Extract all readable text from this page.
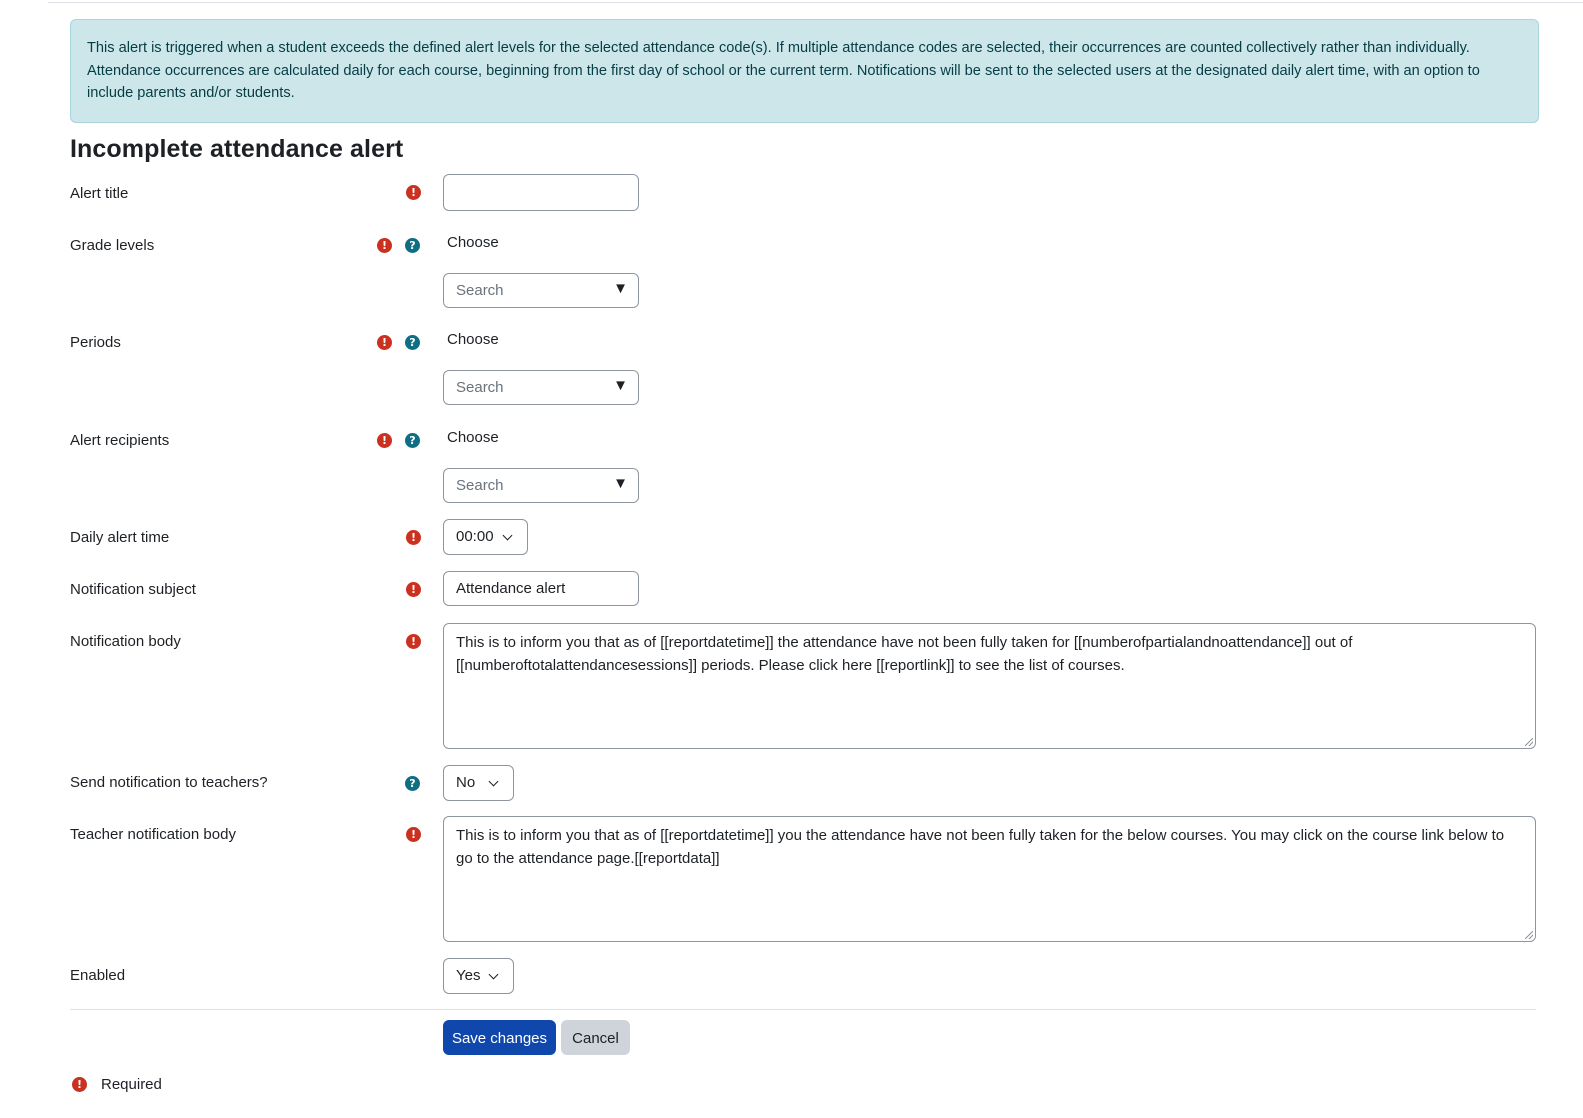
This alert is triggered when a student exceeds the defined alert levels for the selected attendance code(s). If multiple attendance codes are selected, their occurrences are counted collectively rather than individually. Attendance occurrences are calculated daily for each course, beginning from the first day of school or the current term. Notifications will be sent to the selected users at the designated daily alert time, with an option to include parents and/or students.
Incomplete attendance alert
Alert title	!
Grade levels	!	? Choose
Search	▼
Periods	!	? Choose
Search	▼
Alert recipients	!	? Choose
Search	▼
Daily alert time	!	00:00
Notification subject	!	Attendance alert
Notification body	!	This is to inform you that as of [[reportdatetime]] the attendance have not been fully taken for [[numberofpartialandnoattendance]] out of [[numberoftotalattendancesessions]] periods. Please click here [[reportlink]] to see the list of courses.
Send notification to teachers?	?	No
Teacher notification body	!	This is to inform you that as of [[reportdatetime]] you the attendance have not been fully taken for the below courses. You may click on the course link below to go to the attendance page.[[reportdata]]
Enabled	Yes
Save changes	Cancel
!	Required
